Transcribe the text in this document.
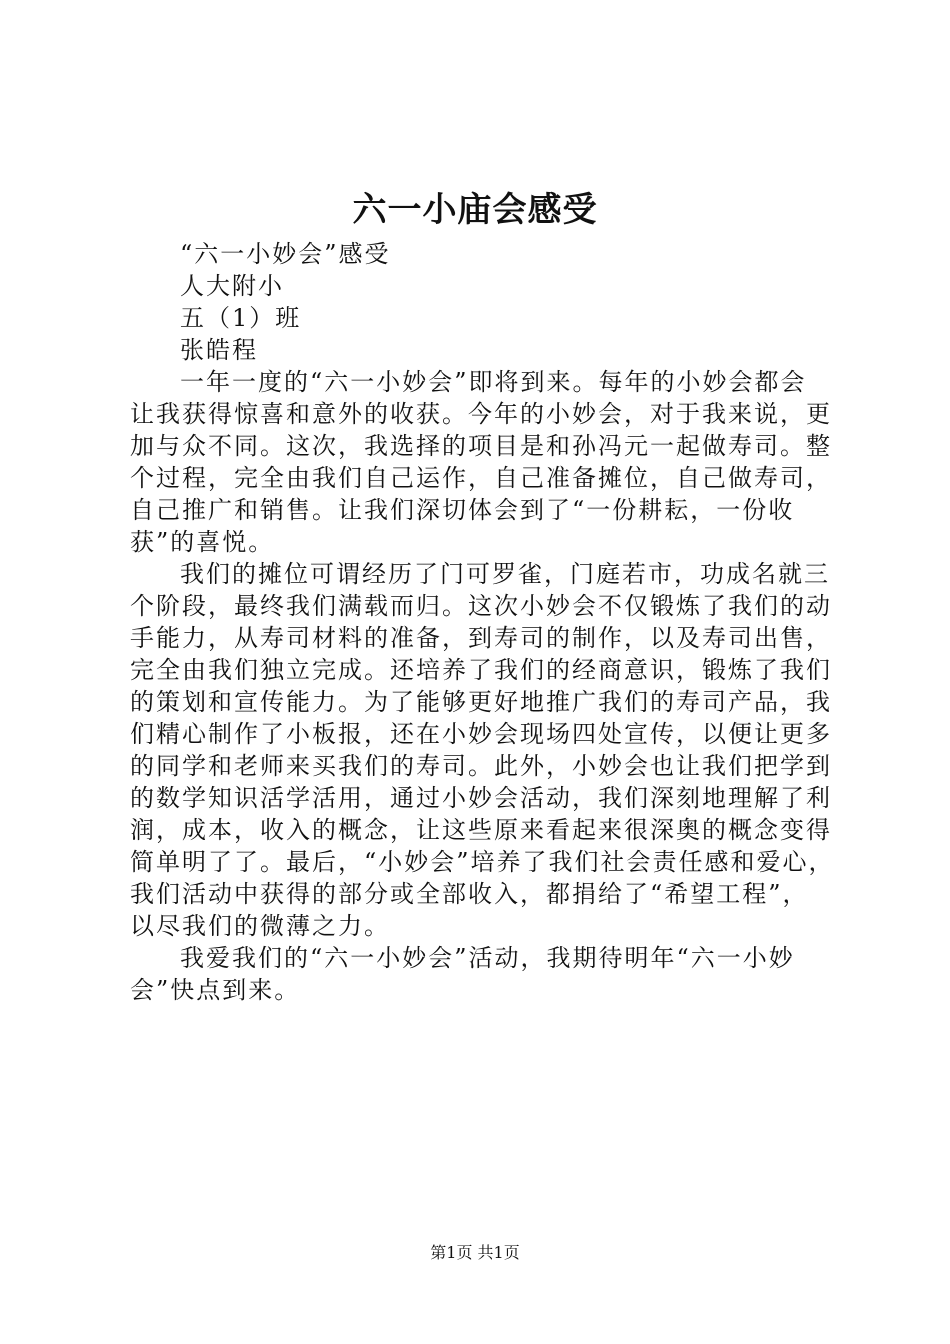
六一小庙会感受
“六一小妙会”感受
人大附小
五（1）班
张皓程
一年一度的“六一小妙会”即将到来。每年的小妙会都会
让我获得惊喜和意外的收获。今年的小妙会，对于我来说，更
加与众不同。这次，我选择的项目是和孙冯元一起做寿司。整
个过程，完全由我们自己运作，自己准备摊位，自己做寿司，
自己推广和销售。让我们深切体会到了“一份耕耘，一份收
获”的喜悦。
我们的摊位可谓经历了门可罗雀，门庭若市，功成名就三
个阶段，最终我们满载而归。这次小妙会不仅锻炼了我们的动
手能力，从寿司材料的准备，到寿司的制作，以及寿司出售，
完全由我们独立完成。还培养了我们的经商意识，锻炼了我们
的策划和宣传能力。为了能够更好地推广我们的寿司产品，我
们精心制作了小板报，还在小妙会现场四处宣传，以便让更多
的同学和老师来买我们的寿司。此外，小妙会也让我们把学到
的数学知识活学活用，通过小妙会活动，我们深刻地理解了利
润，成本，收入的概念，让这些原来看起来很深奥的概念变得
简单明了了。最后，“小妙会”培养了我们社会责任感和爱心，
我们活动中获得的部分或全部收入，都捐给了“希望工程”，
以尽我们的微薄之力。
我爱我们的“六一小妙会”活动，我期待明年“六一小妙
会”快点到来。
第1页 共1页
